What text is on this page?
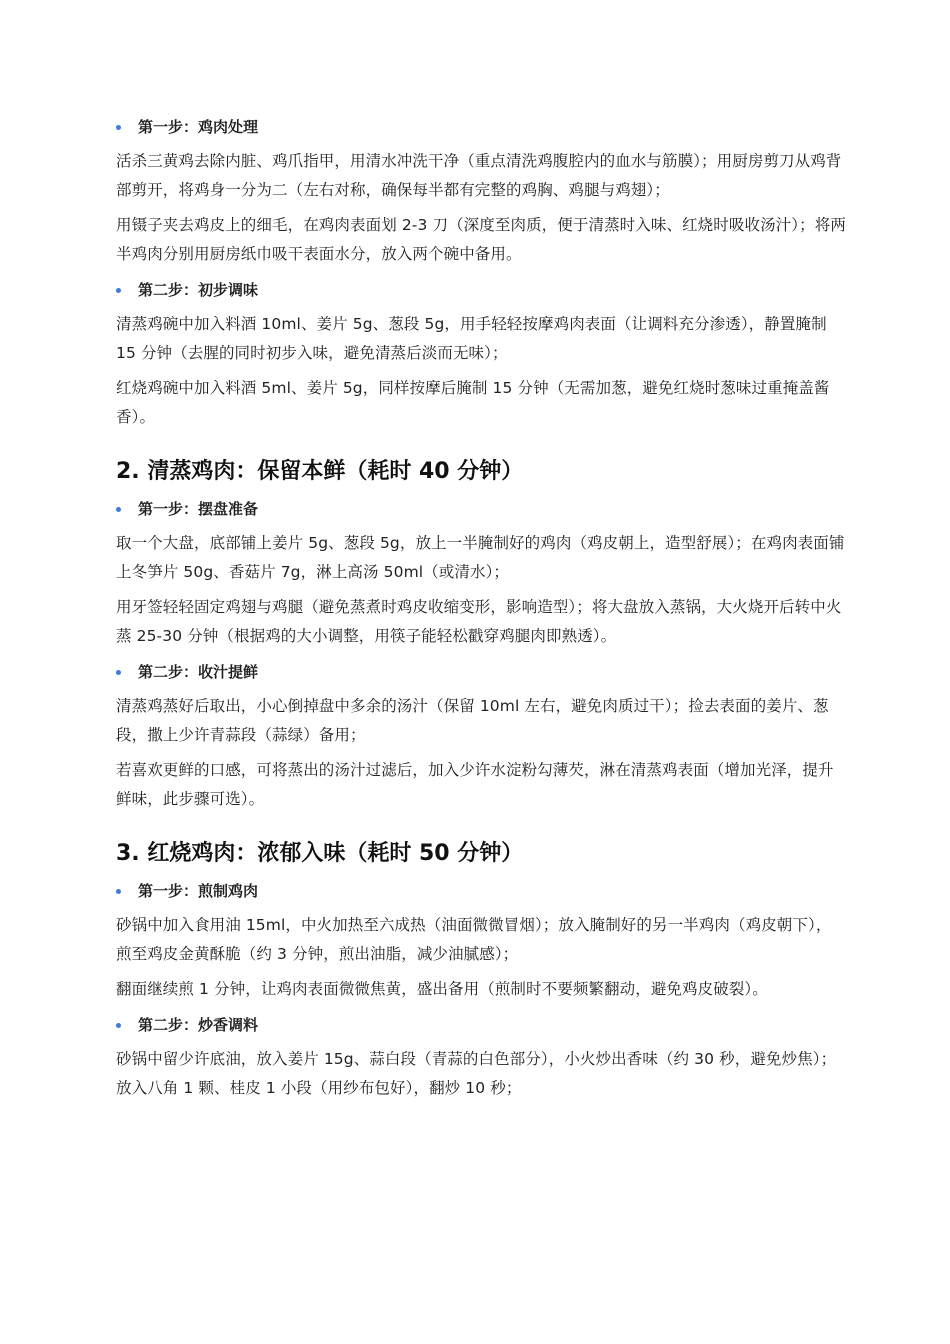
第一步：鸡肉处理

活杀三黄鸡去除内脏、鸡爪指甲，用清水冲洗干净（重点清洗鸡腹腔内的血水与筋膜）；用厨房剪刀从鸡背部剪开，将鸡身一分为二（左右对称，确保每半都有完整的鸡胸、鸡腿与鸡翅）；

用镊子夹去鸡皮上的细毛，在鸡肉表面划 2-3 刀（深度至肉质，便于清蒸时入味、红烧时吸收汤汁）；将两半鸡肉分别用厨房纸巾吸干表面水分，放入两个碗中备用。

第二步：初步调味

清蒸鸡碗中加入料酒 10ml、姜片 5g、葱段 5g，用手轻轻按摩鸡肉表面（让调料充分渗透），静置腌制 15 分钟（去腥的同时初步入味，避免清蒸后淡而无味）；

红烧鸡碗中加入料酒 5ml、姜片 5g，同样按摩后腌制 15 分钟（无需加葱，避免红烧时葱味过重掩盖酱香）。

2. 清蒸鸡肉：保留本鲜（耗时 40 分钟）
第一步：摆盘准备

取一个大盘，底部铺上姜片 5g、葱段 5g，放上一半腌制好的鸡肉（鸡皮朝上，造型舒展）；在鸡肉表面铺上冬笋片 50g、香菇片 7g，淋上高汤 50ml（或清水）；

用牙签轻轻固定鸡翅与鸡腿（避免蒸煮时鸡皮收缩变形，影响造型）；将大盘放入蒸锅，大火烧开后转中火蒸 25-30 分钟（根据鸡的大小调整，用筷子能轻松戳穿鸡腿肉即熟透）。

第二步：收汁提鲜

清蒸鸡蒸好后取出，小心倒掉盘中多余的汤汁（保留 10ml 左右，避免肉质过干）；捡去表面的姜片、葱段，撒上少许青蒜段（蒜绿）备用；

若喜欢更鲜的口感，可将蒸出的汤汁过滤后，加入少许水淀粉勾薄芡，淋在清蒸鸡表面（增加光泽，提升鲜味，此步骤可选）。

3. 红烧鸡肉：浓郁入味（耗时 50 分钟）
第一步：煎制鸡肉

砂锅中加入食用油 15ml，中火加热至六成热（油面微微冒烟）；放入腌制好的另一半鸡肉（鸡皮朝下），煎至鸡皮金黄酥脆（约 3 分钟，煎出油脂，减少油腻感）；

翻面继续煎 1 分钟，让鸡肉表面微微焦黄，盛出备用（煎制时不要频繁翻动，避免鸡皮破裂）。

第二步：炒香调料

砂锅中留少许底油，放入姜片 15g、蒜白段（青蒜的白色部分），小火炒出香味（约 30 秒，避免炒焦）；放入八角 1 颗、桂皮 1 小段（用纱布包好），翻炒 10 秒；
